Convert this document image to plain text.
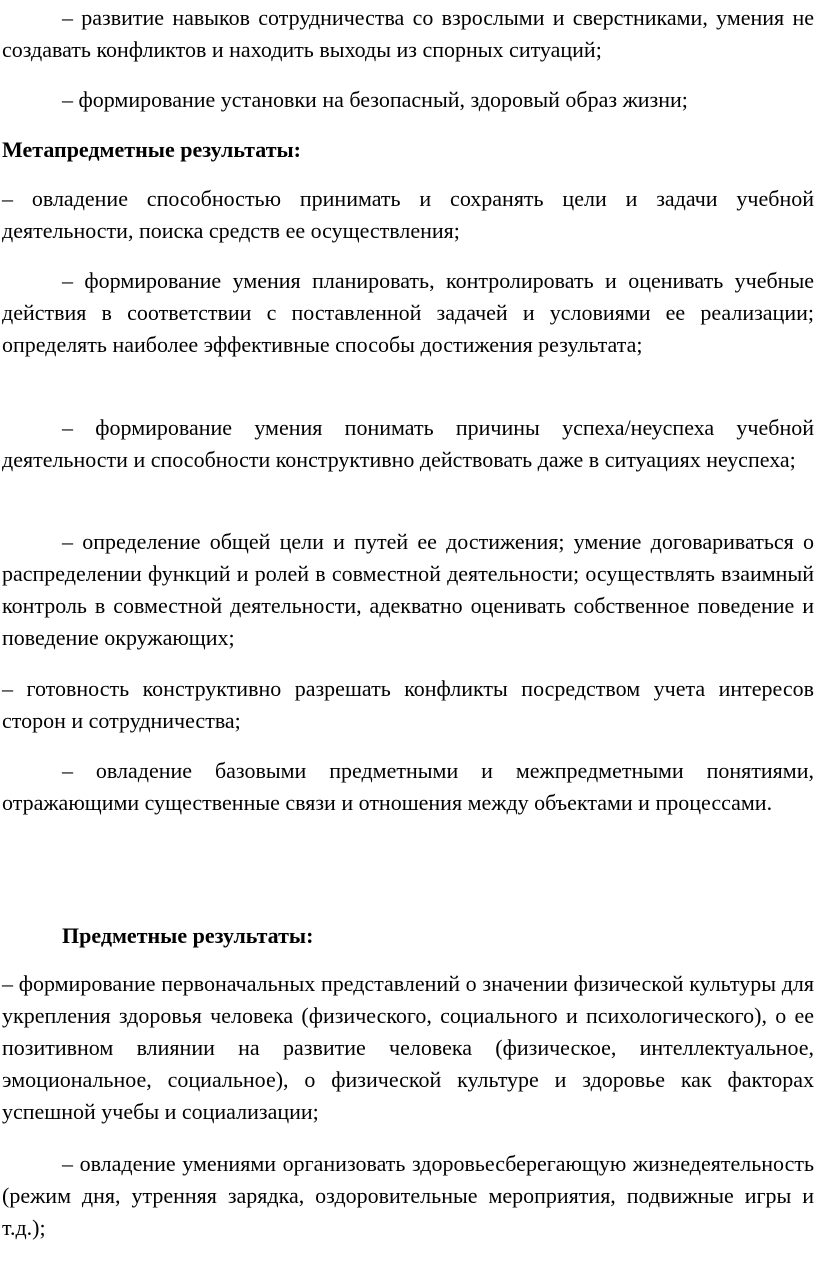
– развитие навыков сотрудничества со взрослыми и сверстниками, умения не создавать конфликтов и находить выходы из спорных ситуаций;
– формирование установки на безопасный, здоровый образ жизни;
Метапредметные результаты:
– овладение способностью принимать и сохранять цели и задачи учебной деятельности, поиска средств ее осуществления;
– формирование умения планировать, контролировать и оценивать учебные действия в соответствии с поставленной задачей и условиями ее реализации; определять наиболее эффективные способы достижения результата;
– формирование умения понимать причины успеха/неуспеха учебной деятельности и способности конструктивно действовать даже в ситуациях неуспеха;
– определение общей цели и путей ее достижения; умение договариваться о распределении функций и ролей в совместной деятельности; осуществлять взаимный контроль в совместной деятельности, адекватно оценивать собственное поведение и поведение окружающих;
– готовность конструктивно разрешать конфликты посредством учета интересов сторон и сотрудничества;
– овладение базовыми предметными и межпредметными понятиями, отражающими существенные связи и отношения между объектами и процессами.
Предметные результаты:
– формирование первоначальных представлений о значении физической культуры для укрепления здоровья человека (физического, социального и психологического), о ее позитивном влиянии на развитие человека (физическое, интеллектуальное, эмоциональное, социальное), о физической культуре и здоровье как факторах успешной учебы и социализации;
– овладение умениями организовать здоровьесберегающую жизнедеятельность (режим дня, утренняя зарядка, оздоровительные мероприятия, подвижные игры и т.д.);
